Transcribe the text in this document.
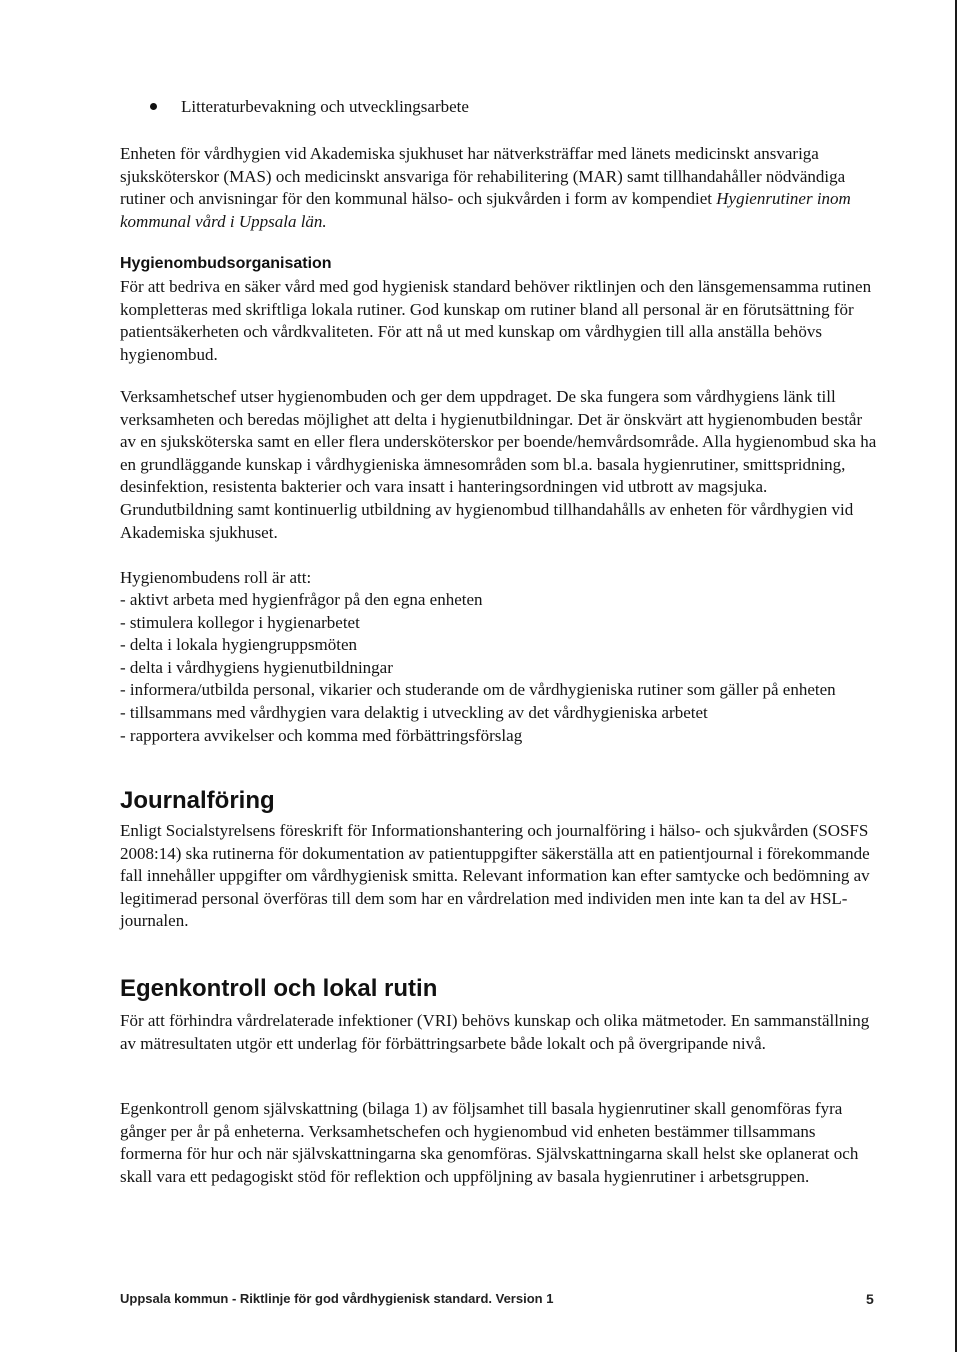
Litteraturbevakning och utvecklingsarbete

Enheten för vårdhygien vid Akademiska sjukhuset har nätverksträffar med länets medicinskt ansvariga sjuksköterskor (MAS) och medicinskt ansvariga för rehabilitering (MAR) samt tillhandahåller nödvändiga rutiner och anvisningar för den kommunal hälso- och sjukvården i form av kompendiet Hygienrutiner inom kommunal vård i Uppsala län.

Hygienombudsorganisation

För att bedriva en säker vård med god hygienisk standard behöver riktlinjen och den länsgemensamma rutinen kompletteras med skriftliga lokala rutiner. God kunskap om rutiner bland all personal är en förutsättning för patientsäkerheten och vårdkvaliteten. För att nå ut med kunskap om vårdhygien till alla anställa behövs hygienombud.

Verksamhetschef utser hygienombuden och ger dem uppdraget. De ska fungera som vårdhygiens länk till verksamheten och beredas möjlighet att delta i hygienutbildningar. Det är önskvärt att hygienombuden består av en sjuksköterska samt en eller flera undersköterskor per boende/hemvårdsområde. Alla hygienombud ska ha en grundläggande kunskap i vårdhygieniska ämnesområden som bl.a. basala hygienrutiner, smittspridning, desinfektion, resistenta bakterier och vara insatt i hanteringsordningen vid utbrott av magsjuka. Grundutbildning samt kontinuerlig utbildning av hygienombud tillhandahålls av enheten för vårdhygien vid Akademiska sjukhuset.

Hygienombudens roll är att:

- aktivt arbeta med hygienfrågor på den egna enheten
- stimulera kollegor i hygienarbetet
- delta i lokala hygiengruppsmöten
- delta i vårdhygiens hygienutbildningar
- informera/utbilda personal, vikarier och studerande om de vårdhygieniska rutiner som gäller på enheten
- tillsammans med vårdhygien vara delaktig i utveckling av det vårdhygieniska arbetet
- rapportera avvikelser och komma med förbättringsförslag
Journalföring

Enligt Socialstyrelsens föreskrift för Informationshantering och journalföring i hälso- och sjukvården (SOSFS 2008:14) ska rutinerna för dokumentation av patientuppgifter säkerställa att en patientjournal i förekommande fall innehåller uppgifter om vårdhygienisk smitta. Relevant information kan efter samtycke och bedömning av legitimerad personal överföras till dem som har en vårdrelation med individen men inte kan ta del av HSL-journalen.

Egenkontroll och lokal rutin

För att förhindra vårdrelaterade infektioner (VRI) behövs kunskap och olika mätmetoder. En sammanställning av mätresultaten utgör ett underlag för förbättringsarbete både lokalt och på övergripande nivå.

Egenkontroll genom självskattning (bilaga 1) av följsamhet till basala hygienrutiner skall genomföras fyra gånger per år på enheterna. Verksamhetschefen och hygienombud vid enheten bestämmer tillsammans formerna för hur och när självskattningarna ska genomföras. Självskattningarna skall helst ske oplanerat och skall vara ett pedagogiskt stöd för reflektion och uppföljning av basala hygienrutiner i arbetsgruppen.

Uppsala kommun - Riktlinje för god vårdhygienisk standard. Version 1	5
